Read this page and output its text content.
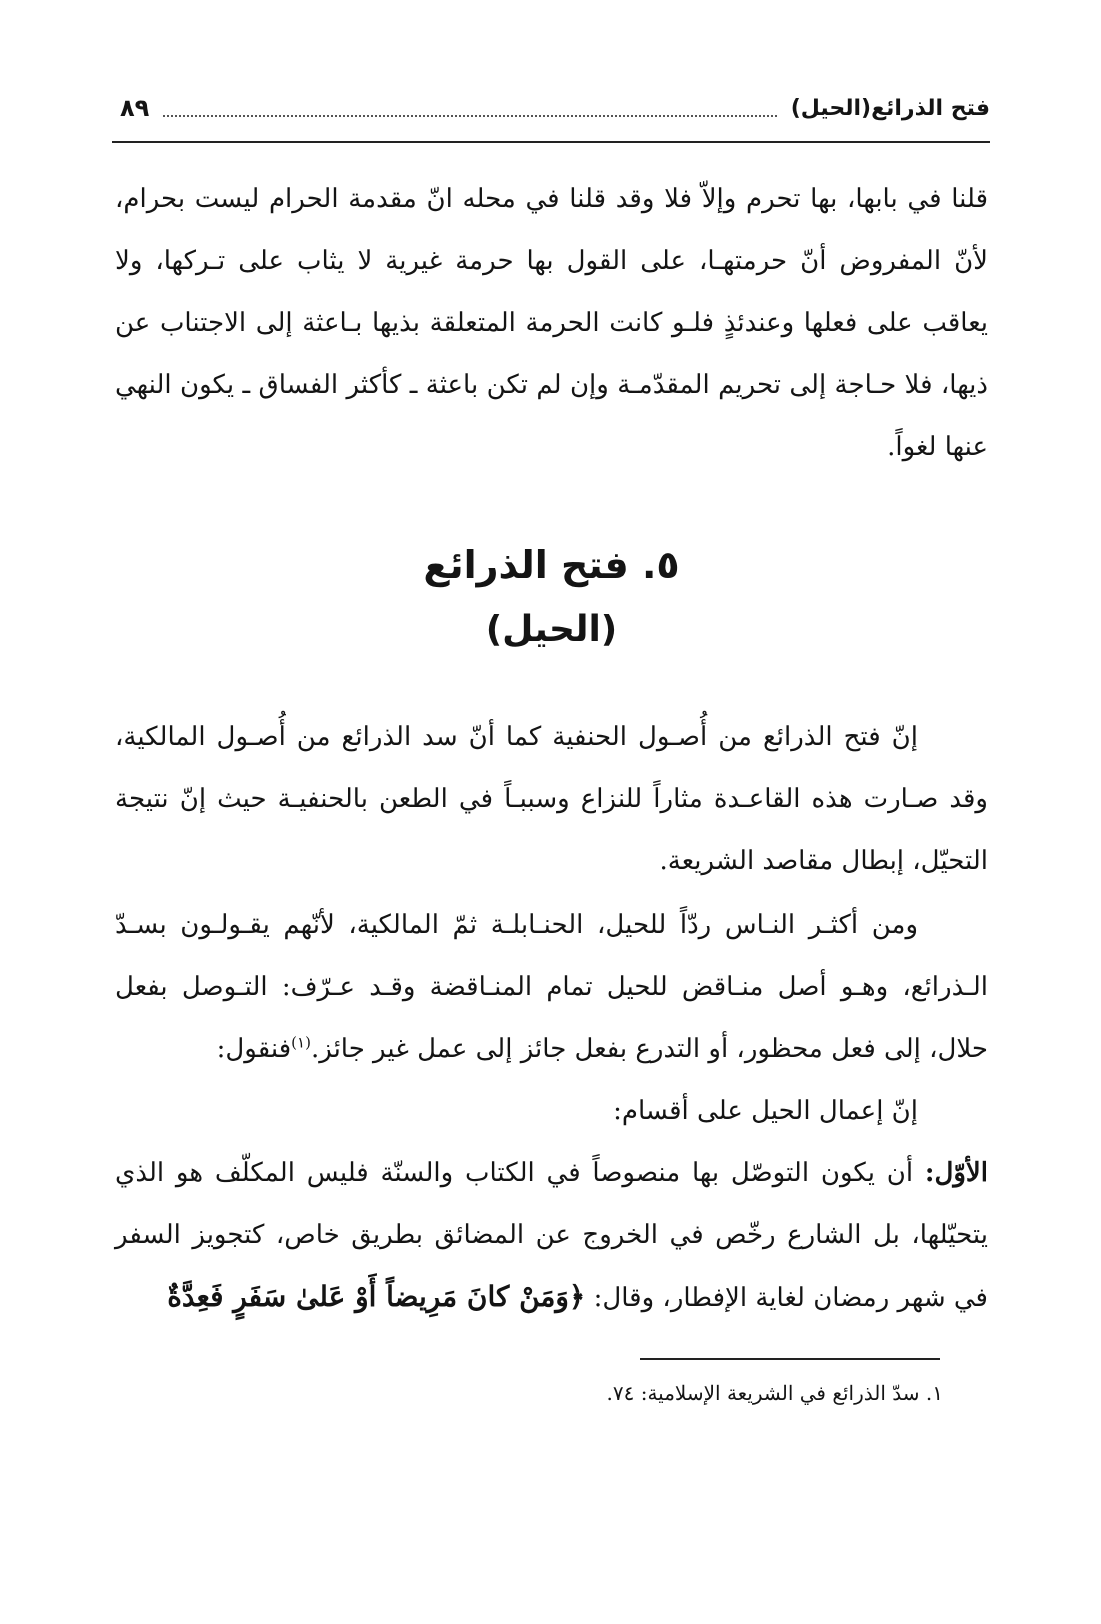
فتح الذرائع(الحيل)
٨٩

قلنا في بابها، بها تحرم وإلاّ فلا وقد قلنا في محله انّ مقدمة الحرام ليست بحرام، لأنّ المفروض أنّ حرمتهـا، على القول بها حرمة غيرية لا يثاب على تـركها، ولا يعاقب على فعلها وعندئذٍ فلـو كانت الحرمة المتعلقة بذيها بـاعثة إلى الاجتناب عن ذيها، فلا حـاجة إلى تحريم المقدّمـة وإن لم تكن باعثة ـ كأكثر الفساق ـ يكون النهي عنها لغواً.

٥. فتح الذرائع
(الحيل)

إنّ فتح الذرائع من أُصـول الحنفية كما أنّ سد الذرائع من أُصـول المالكية، وقد صـارت هذه القاعـدة مثاراً للنزاع وسببـاً في الطعن بالحنفيـة حيث إنّ نتيجة التحيّل، إبطال مقاصد الشريعة.

ومن أكثـر النـاس ردّاً للحيل، الحنـابلـة ثمّ المالكية، لأنّهم يقـولـون بسـدّ الـذرائع، وهـو أصل منـاقض للحيل تمام المنـاقضة وقـد عـرّف: التـوصل بفعل حلال، إلى فعل محظور، أو التدرع بفعل جائز إلى عمل غير جائز.$^{(١)}$فنقول:

إنّ إعمال الحيل على أقسام:

الأوّل: أن يكون التوصّل بها منصوصاً في الكتاب والسنّة فليس المكلّف هو الذي يتحيّلها، بل الشارع رخّص في الخروج عن المضائق بطريق خاص، كتجويز السفر في شهر رمضان لغاية الإفطار، وقال: ﴿وَمَنْ كانَ مَرِيضاً أَوْ عَلىٰ سَفَرٍ فَعِدَّةٌ

١. سدّ الذرائع في الشريعة الإسلامية: ٧٤.
